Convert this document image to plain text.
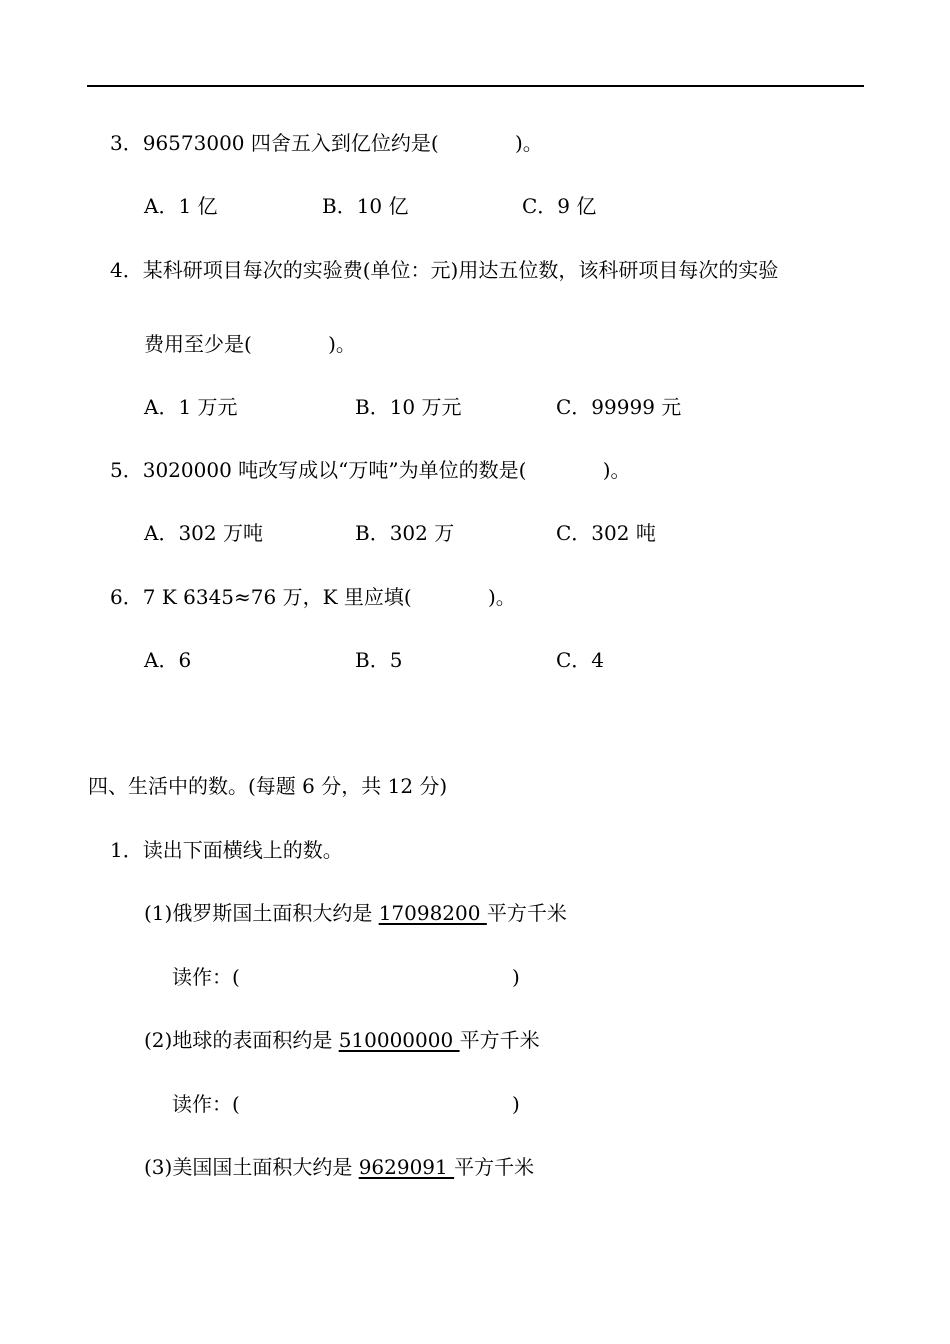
3．96573000 四舍五入到亿位约是(	)。
A．1 亿	B．10 亿	C．9 亿
4．某科研项目每次的实验费(单位：元)用达五位数，该科研项目每次的实验
费用至少是(	)。
A．1 万元	B．10 万元	C．99999 元
5．3020000 吨改写成以“万吨”为单位的数是(	)。
A．302 万吨	B．302 万	C．302 吨
6．7 K 6345≈76 万，K 里应填(	)。
A．6	B．5	C．4
四、生活中的数。(每题 6 分，共 12 分)
1．读出下面横线上的数。
(1)俄罗斯国土面积大约是 17098200 平方千米
读作：(	)
(2)地球的表面积约是 510000000 平方千米
读作：(	)
(3)美国国土面积大约是 9629091 平方千米
